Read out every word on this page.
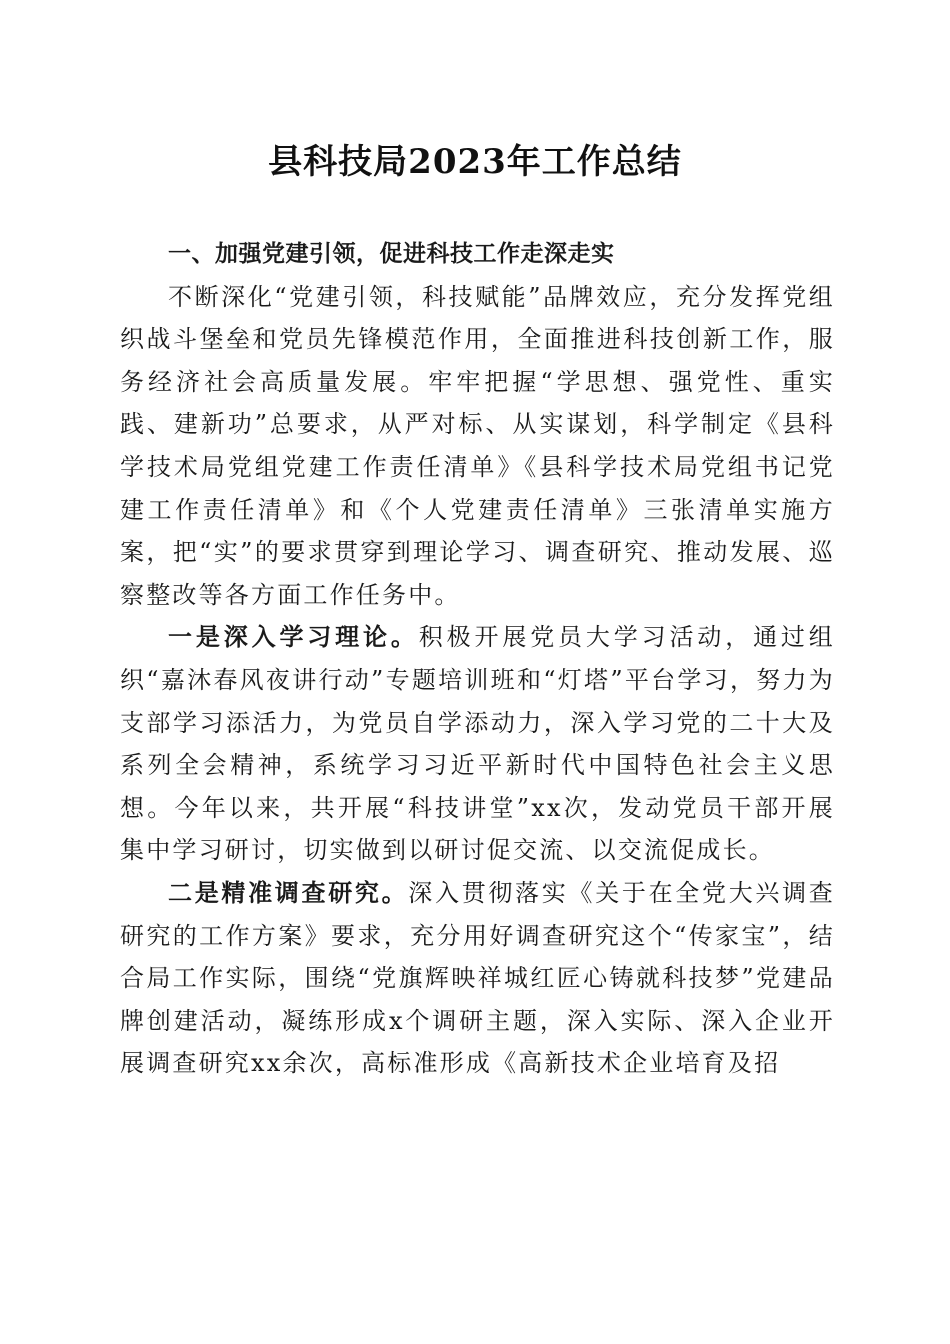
县科技局2023年工作总结

一、加强党建引领，促进科技工作走深走实

不断深化“党建引领，科技赋能”品牌效应，充分发挥党组织战斗堡垒和党员先锋模范作用，全面推进科技创新工作，服务经济社会高质量发展。牢牢把握“学思想、强党性、重实践、建新功”总要求，从严对标、从实谋划，科学制定《县科学技术局党组党建工作责任清单》《县科学技术局党组书记党建工作责任清单》和《个人党建责任清单》三张清单实施方案，把“实”的要求贯穿到理论学习、调查研究、推动发展、巡察整改等各方面工作任务中。

一是深入学习理论。积极开展党员大学习活动，通过组织“嘉沐春风夜讲行动”专题培训班和“灯塔”平台学习，努力为支部学习添活力，为党员自学添动力，深入学习党的二十大及系列全会精神，系统学习习近平新时代中国特色社会主义思想。今年以来，共开展“科技讲堂”xx次，发动党员干部开展集中学习研讨，切实做到以研讨促交流、以交流促成长。

二是精准调查研究。深入贯彻落实《关于在全党大兴调查研究的工作方案》要求，充分用好调查研究这个“传家宝”，结合局工作实际，围绕“党旗辉映祥城红匠心铸就科技梦”党建品牌创建活动，凝练形成x个调研主题，深入实际、深入企业开展调查研究xx余次，高标准形成《高新技术企业培育及招
